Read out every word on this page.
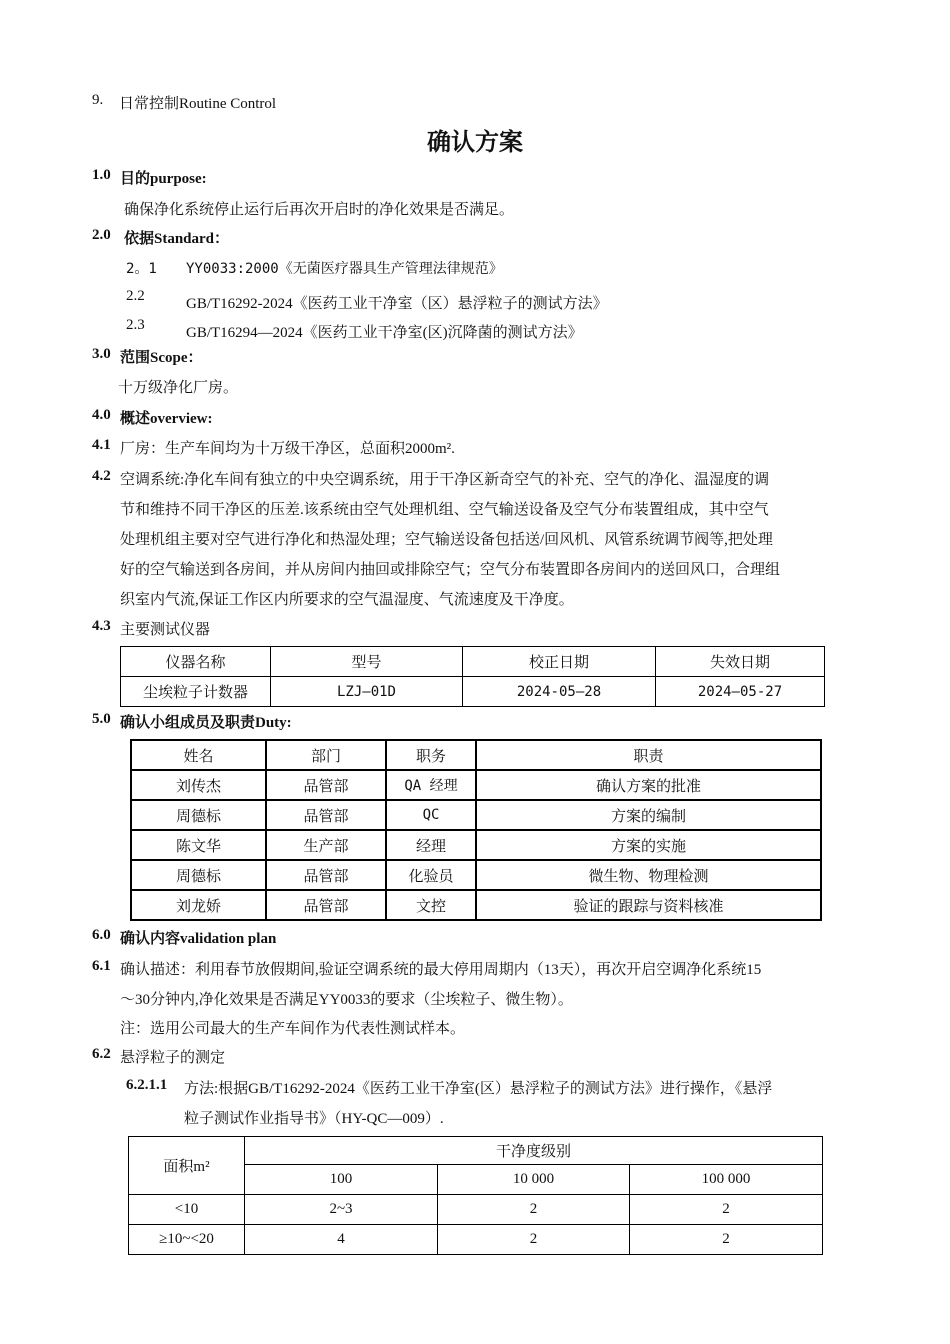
9. 日常控制Routine Control
确认方案
1.0 目的purpose:
确保净化系统停止运行后再次开启时的净化效果是否满足。
2.0 依据Standard：
2。1 YY0033:2000《无菌医疗器具生产管理法律规范》
2.2	GB/T16292-2024《医药工业干净室（区）悬浮粒子的测试方法》
2.3	GB/T16294—2024《医药工业干净室(区)沉降菌的测试方法》
3.0 范围Scope：
十万级净化厂房。
4.0 概述overview:
4.1 厂房：生产车间均为十万级干净区，总面积2000m².
4.2 空调系统:净化车间有独立的中央空调系统，用于干净区新奇空气的补充、空气的净化、温湿度的调
节和维持不同干净区的压差.该系统由空气处理机组、空气输送设备及空气分布装置组成，其中空气
处理机组主要对空气进行净化和热湿处理；空气输送设备包括送/回风机、风管系统调节阀等,把处理
好的空气输送到各房间，并从房间内抽回或排除空气；空气分布装置即各房间内的送回风口，合理组
织室内气流,保证工作区内所要求的空气温湿度、气流速度及干净度。
4.3 主要测试仪器
仪器名称	型号	校正日期	失效日期
尘埃粒子计数器	LZJ—01D	2024-05—28	2024—05-27
5.0 确认小组成员及职责Duty:
姓名	部门	职务	职责
刘传杰	品管部	QA 经理	确认方案的批准
周德标	品管部	QC	方案的编制
陈文华	生产部	经理	方案的实施
周德标	品管部	化验员	微生物、物理检测
刘龙娇	品管部	文控	验证的跟踪与资料核准
6.0 确认内容validation plan
6.1 确认描述：利用春节放假期间,验证空调系统的最大停用周期内（13天），再次开启空调净化系统15
～30分钟内,净化效果是否满足YY0033的要求（尘埃粒子、微生物）。
注：选用公司最大的生产车间作为代表性测试样本。
6.2 悬浮粒子的测定
6.2.1.1 方法:根据GB/T16292-2024《医药工业干净室(区）悬浮粒子的测试方法》进行操作，《悬浮
粒子测试作业指导书》（HY-QC—009）.
面积m²	干净度级别		
	100	10 000	100 000
<10	2~3	2	2
≥10~<20	4	2	2
